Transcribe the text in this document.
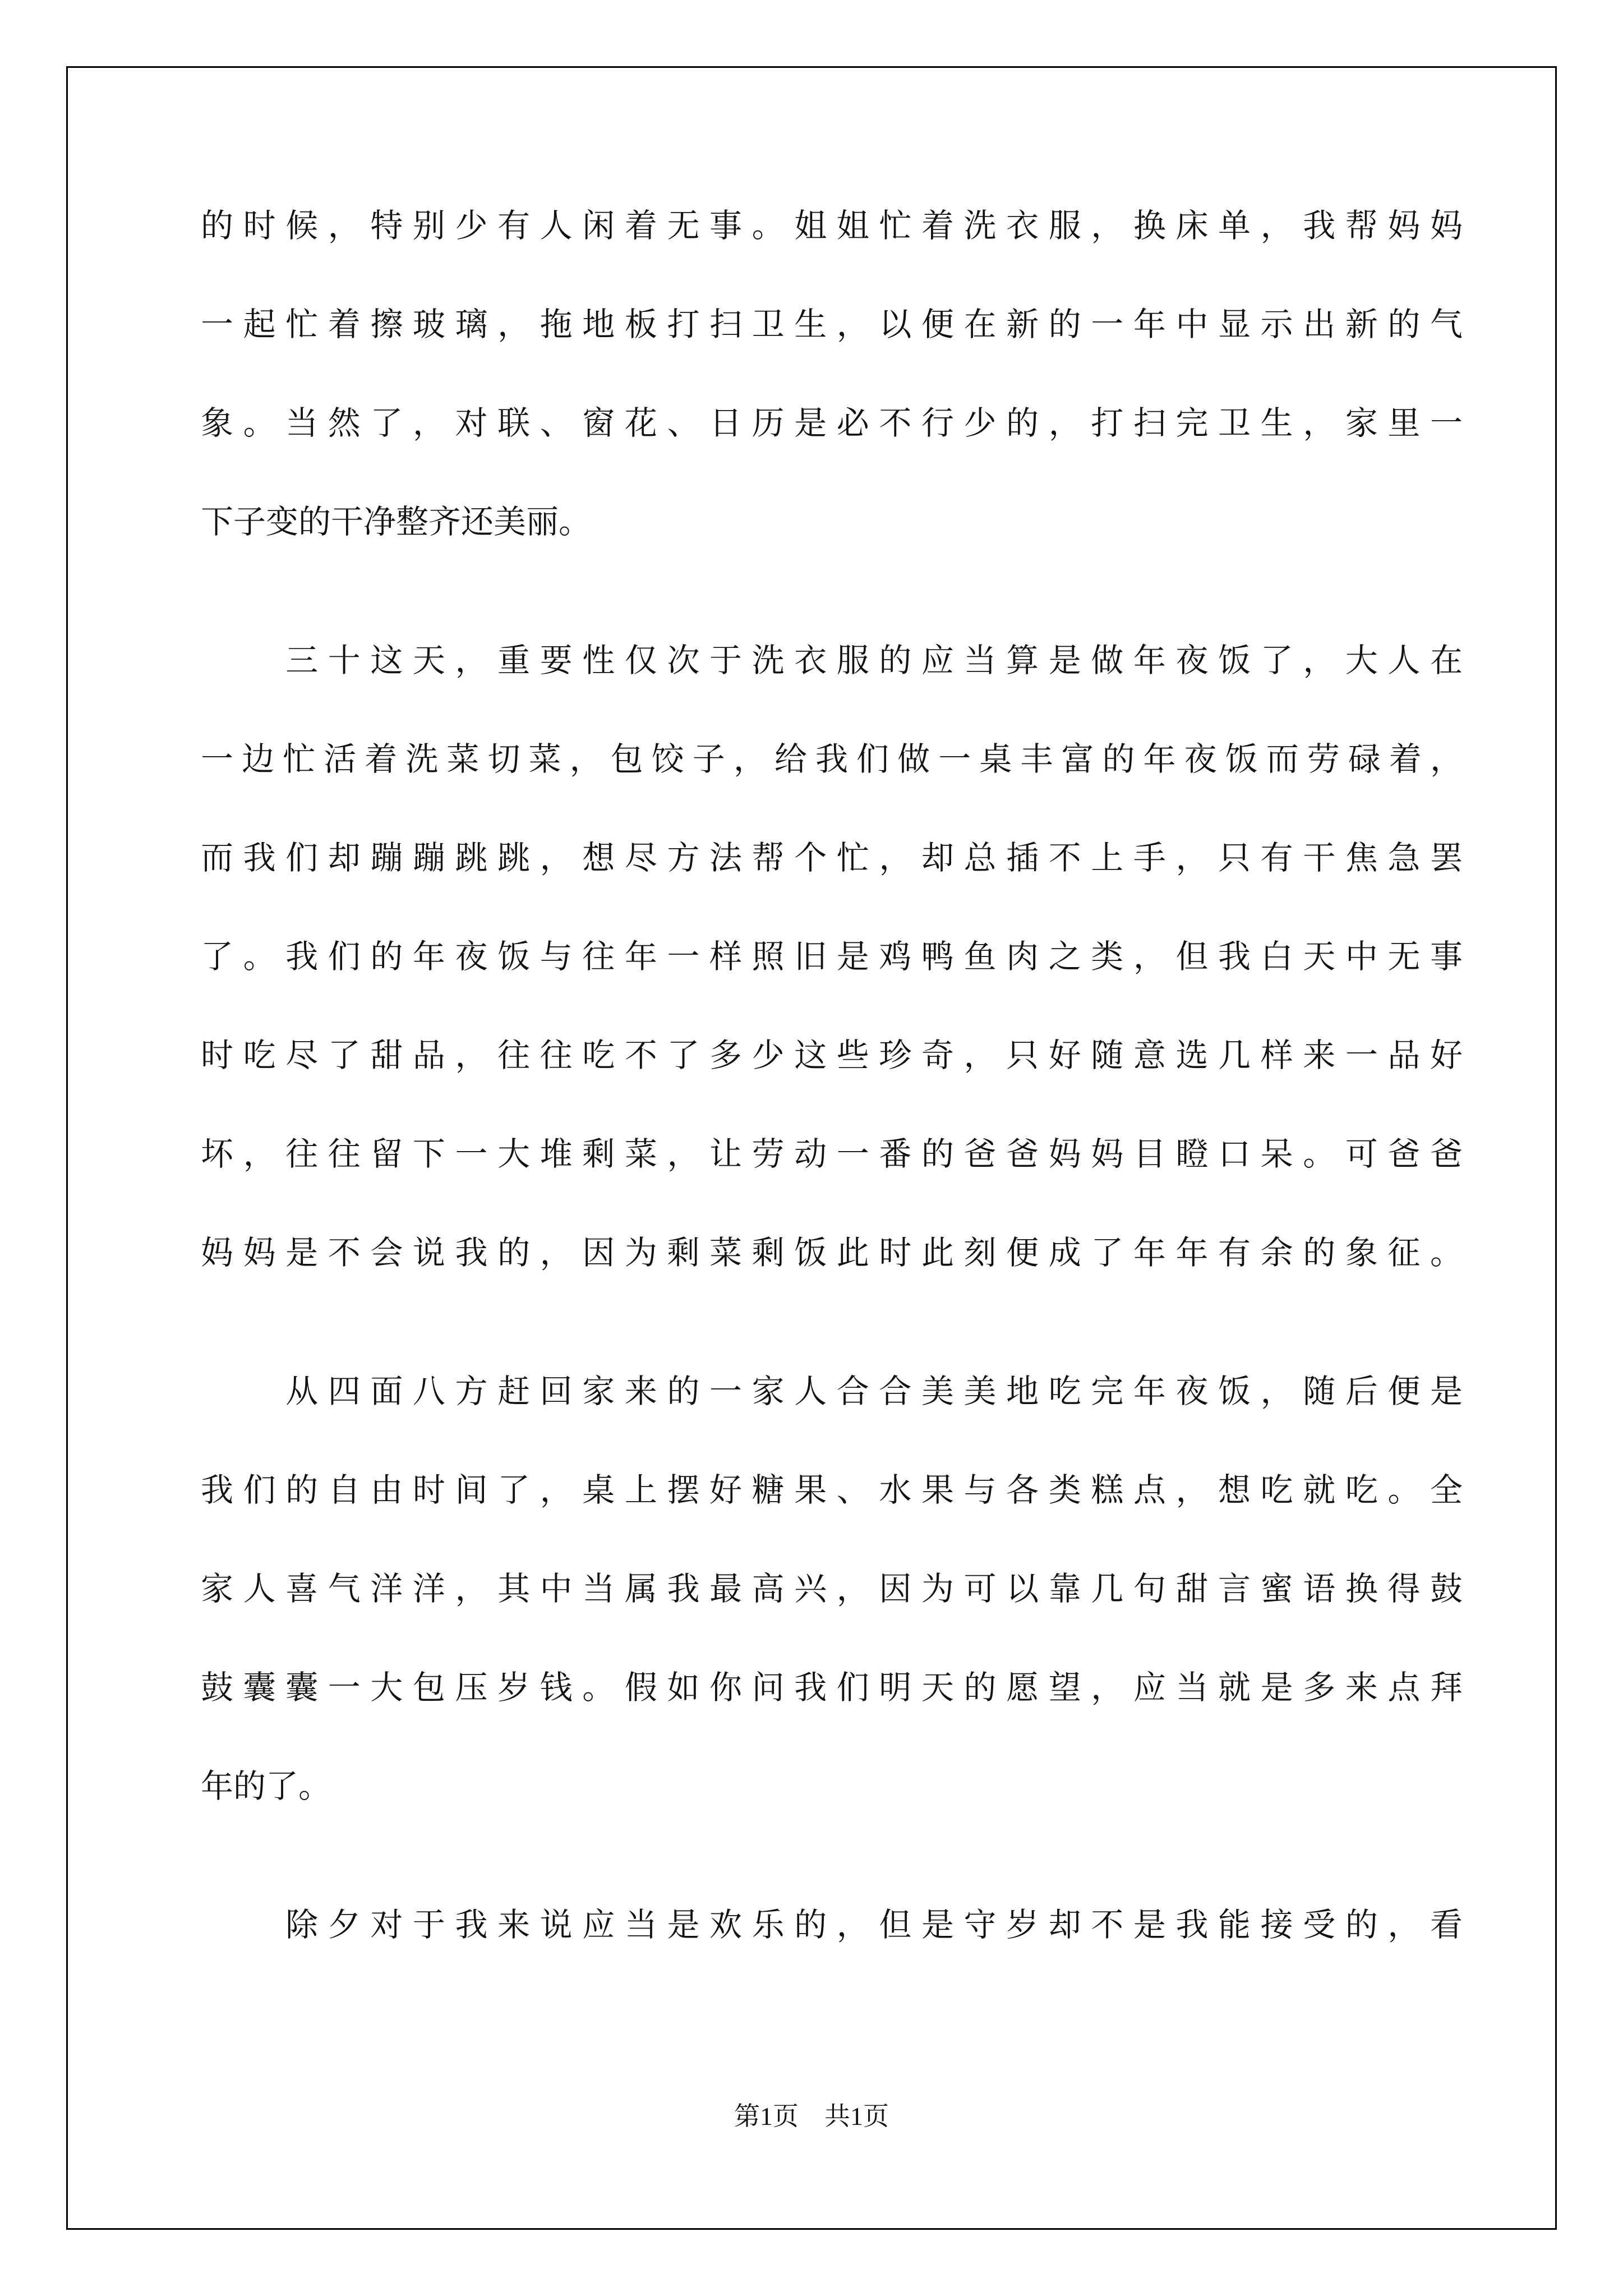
的时候，特别少有人闲着无事。姐姐忙着洗衣服，换床单，我帮妈妈
一起忙着擦玻璃，拖地板打扫卫生，以便在新的一年中显示出新的气
象。当然了，对联、窗花、日历是必不行少的，打扫完卫生，家里一
下子变的干净整齐还美丽。
　　三十这天，重要性仅次于洗衣服的应当算是做年夜饭了，大人在
一边忙活着洗菜切菜，包饺子，给我们做一桌丰富的年夜饭而劳碌着，
而我们却蹦蹦跳跳，想尽方法帮个忙，却总插不上手，只有干焦急罢
了。我们的年夜饭与往年一样照旧是鸡鸭鱼肉之类，但我白天中无事
时吃尽了甜品，往往吃不了多少这些珍奇，只好随意选几样来一品好
坏，往往留下一大堆剩菜，让劳动一番的爸爸妈妈目瞪口呆。可爸爸
妈妈是不会说我的，因为剩菜剩饭此时此刻便成了年年有余的象征。
　　从四面八方赶回家来的一家人合合美美地吃完年夜饭，随后便是
我们的自由时间了，桌上摆好糖果、水果与各类糕点，想吃就吃。全
家人喜气洋洋，其中当属我最高兴，因为可以靠几句甜言蜜语换得鼓
鼓囊囊一大包压岁钱。假如你问我们明天的愿望，应当就是多来点拜
年的了。
　　除夕对于我来说应当是欢乐的，但是守岁却不是我能接受的，看
第1页　共1页
